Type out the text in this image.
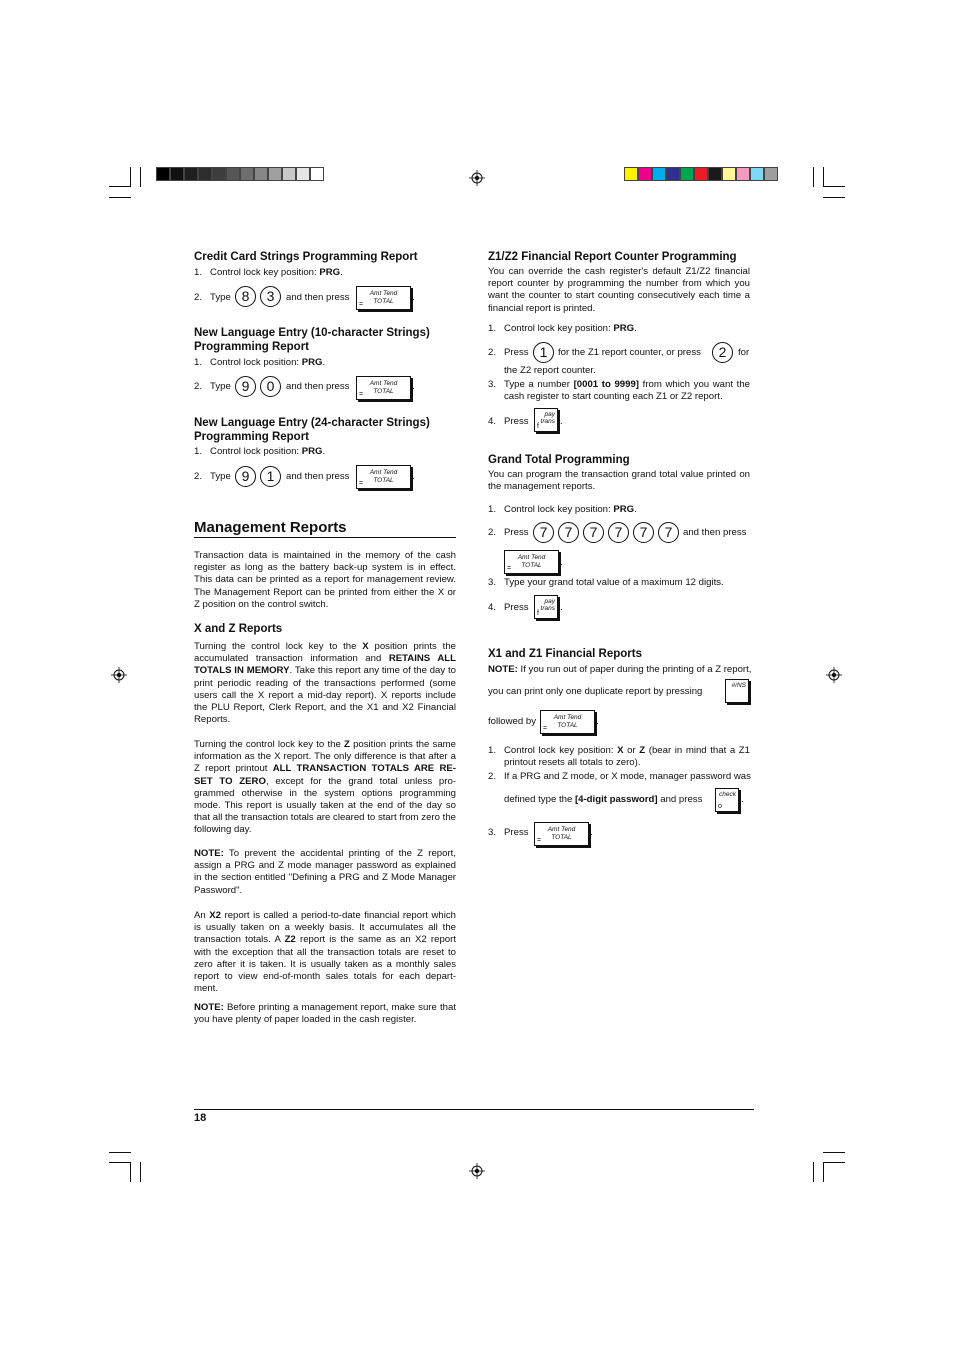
Credit Card Strings Programming Report
1. Control lock key position: PRG.
2. Type 8	3	and then press	Amt Tend
TOTAL
=
.
New Language Entry (10-character Strings)
Programming Report
1. Control lock position: PRG.
2. Type 9	0	and then press	Amt Tend
TOTAL
=
.
New Language Entry (24-character Strings)
Programming Report
1. Control lock position: PRG.
2. Type 9	1	and then press	Amt Tend
TOTAL
=
.
Management Reports
Transaction data is maintained in the memory of the cash register as long as the battery back-up system is in effect. This data can be printed as a report for management review. The Management Report can be printed from either the X or Z position on the control switch.
X and Z Reports
Turning the control lock key to the X position prints the accumulated transaction information and RETAINS ALL TOTALS IN MEMORY. Take this report any time of the day to print periodic reading of the transactions performed (some users call the X report a mid-day report). X reports include the PLU Report, Clerk Report, and the X1 and X2 Financial Reports.
Turning the control lock key to the Z position prints the same information as the X report. The only difference is that after a Z report printout ALL TRANSACTION TOTALS ARE RE-SET TO ZERO, except for the grand total unless pro-grammed otherwise in the system options programming mode. This report is usually taken at the end of the day so that all the transaction totals are cleared to start from zero the following day.
NOTE: To prevent the accidental printing of the Z report, assign a PRG and Z mode manager password as explained in the section entitled "Defining a PRG and Z Mode Manager Password".
An X2 report is called a period-to-date financial report which is usually taken on a weekly basis. It accumulates all the transaction totals. A Z2 report is the same as an X2 report with the exception that all the transaction totals are reset to zero after it is taken. It is usually taken as a monthly sales report to view end-of-month sales totals for each depart-ment.
NOTE: Before printing a management report, make sure that you have plenty of paper loaded in the cash register.
Z1/Z2 Financial Report Counter Programming
You can override the cash register's default Z1/Z2 financial report counter by programming the number from which you want the counter to start counting consecutively each time a financial report is printed.
1. Control lock key position: PRG.
2. Press 1	for the Z1 report counter, or press	2	for
the Z2 report counter.
3. Type a number [0001 to 9999] from which you want the cash register to start counting each Z1 or Z2 report.
4. Press
pay
trans
f .
Grand Total Programming
You can program the transaction grand total value printed on the management reports.
1. Control lock key position: PRG.
2. Press 7	7	7	7	7	7	and then press
Amt Tend
TOTAL
=
.
3. Type your grand total value of a maximum 12 digits.
4. Press
pay
trans
f
.
X1 and Z1 Financial Reports
NOTE: If you run out of paper during the printing of a Z report,
you can print only one duplicate report by pressing
#/NS
followed by	Amt Tend
TOTAL
=
.
1. Control lock key position: X or Z (bear in mind that a Z1 printout resets all totals to zero).
2. If a PRG and Z mode, or X mode, manager password was
defined type the [4-digit password] and press	check
o
.
3. Press	Amt Tend
TOTAL
=
.
18
